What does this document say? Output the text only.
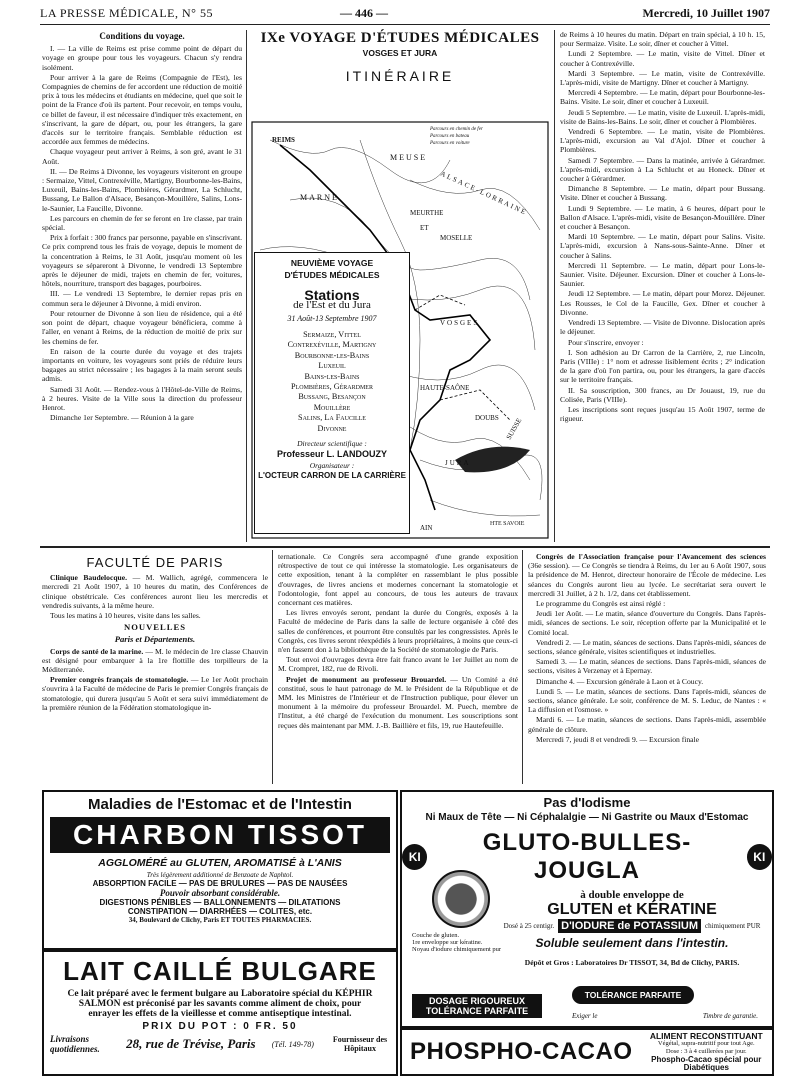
LA PRESSE MÉDICALE, N° 55	— 446 —	Mercredi, 10 Juillet 1907
Conditions du voyage.

I. — La ville de Reims est prise comme point de départ du voyage en groupe pour tous les voyageurs. Chacun s'y rendra isolément.

Pour arriver à la gare de Reims (Compagnie de l'Est), les Compagnies de chemins de fer accordent une réduction de moitié prix à tous les médecins et étudiants en médecine, quel que soit le point de la France d'où ils partent. Pour recevoir, en temps voulu, ce billet de faveur, il est nécessaire d'indiquer très exactement, en s'inscrivant, la gare de départ, ou, pour les étrangers, la gare d'accès sur le territoire français. Semblable réduction est accordée aux femmes de médecins.

Chaque voyageur peut arriver à Reims, à son gré, avant le 31 Août.

II. — De Reims à Divonne, les voyageurs visiteront en groupe : Sermaize, Vittel, Contrexéville, Martigny, Bourbonne-les-Bains, Luxeuil, Bains-les-Bains, Plombières, Gérardmer, La Schlucht, Bussang, Le Ballon d'Alsace, Besançon-Mouillère, Salins, Lons-le-Saunier, La Faucille, Divonne.

Les parcours en chemin de fer se feront en 1re classe, par train spécial.

Prix à forfait : 300 francs par personne, payable en s'inscrivant. Ce prix comprend tous les frais de voyage, depuis le moment de la concentration à Reims, le 31 Août, jusqu'au moment où les voyageurs se sépareront à Divonne, le vendredi 13 Septembre après le déjeuner de midi, trajets en chemin de fer, voitures, hôtels, nourriture, transport des bagages, pourboires.

III. — Le vendredi 13 Septembre, le dernier repas pris en commun sera le déjeuner à Divonne, à midi environ.

Pour retourner de Divonne à son lieu de résidence, qui a été son point de départ, chaque voyageur bénéficiera, comme à l'aller, en venant à Reims, de la réduction de moitié de prix sur les chemins de fer.

En raison de la courte durée du voyage et des trajets importants en voiture, les voyageurs sont priés de réduire leurs bagages au strict nécessaire ; les bagages à la main seront seuls admis.

Samedi 31 Août. — Rendez-vous à l'Hôtel-de-Ville de Reims, à 2 heures. Visite de la Ville sous la direction du professeur Henrot.

Dimanche 1er Septembre. — Réunion à la gare

IXe VOYAGE D'ÉTUDES MÉDICALES
VOSGES ET JURA
ITINÉRAIRE
REIMS
MARNE
MEUSE
MEURTHE
ET
MOSELLE
ALSACE-LORRAINE
VOSGES
HAUTE-SAÔNE
DOUBS
JURA
SUISSE
AIN	HTE SAVOIE
Parcours en chemin de fer
Parcours en bateau
Parcours en voiture
NEUVIÈME VOYAGE
D'ÉTUDES MÉDICALES
Stations
de l'Est et du Jura
31 Août-13 Septembre 1907
Sermaize, Vittel
Contrexéville, Martigny
Bourbonne-les-Bains
Luxeuil
Bains-les-Bains
Plombières, Gérardmer
Bussang, Besançon
Mouillère
Salins, La Faucille
Divonne
Directeur scientifique :
Professeur L. LANDOUZY
Organisateur :
L'OCTEUR CARRON DE LA CARRIÈRE

de Reims à 10 heures du matin. Départ en train spécial, à 10 h. 15, pour Sermaize. Visite. Le soir, dîner et coucher à Vittel.

Lundi 2 Septembre. — Le matin, visite de Vittel. Dîner et coucher à Contrexéville.

Mardi 3 Septembre. — Le matin, visite de Contrexéville. L'après-midi, visite de Martigny. Dîner et coucher à Martigny.

Mercredi 4 Septembre. — Le matin, départ pour Bourbonne-les-Bains. Visite. Le soir, dîner et coucher à Luxeuil.

Jeudi 5 Septembre. — Le matin, visite de Luxeuil. L'après-midi, visite de Bains-les-Bains. Le soir, dîner et coucher à Plombières.

Vendredi 6 Septembre. — Le matin, visite de Plombières. L'après-midi, excursion au Val d'Ajol. Dîner et coucher à Plombières.

Samedi 7 Septembre. — Dans la matinée, arrivée à Gérardmer. L'après-midi, excursion à La Schlucht et au Honeck. Dîner et coucher à Gérardmer.

Dimanche 8 Septembre. — Le matin, départ pour Bussang. Visite. Dîner et coucher à Bussang.

Lundi 9 Septembre. — Le matin, à 6 heures, départ pour le Ballon d'Alsace. L'après-midi, visite de Besançon-Mouillère. Dîner et coucher à Besançon.

Mardi 10 Septembre. — Le matin, départ pour Salins. Visite. L'après-midi, excursion à Nans-sous-Sainte-Anne. Dîner et coucher à Salins.

Mercredi 11 Septembre. — Le matin, départ pour Lons-le-Saunier. Visite. Déjeuner. Excursion. Dîner et coucher à Lons-le-Saunier.

Jeudi 12 Septembre. — Le matin, départ pour Morez. Déjeuner. Les Rousses, le Col de la Faucille, Gex. Dîner et coucher à Divonne.

Vendredi 13 Septembre. — Visite de Divonne. Dislocation après le déjeuner.

Pour s'inscrire, envoyer :

I. Son adhésion au Dr Carron de la Carrière, 2, rue Lincoln, Paris (VIIIe) : 1° nom et adresse lisiblement écrits ; 2° indication de la gare d'où l'on partira, ou, pour les étrangers, la gare d'accès sur le territoire français.

II. Sa souscription, 300 francs, au Dr Jouaust, 19, rue du Colisée, Paris (VIIIe).

Les inscriptions sont reçues jusqu'au 15 Août 1907, terme de rigueur.

FACULTÉ DE PARIS

Clinique Baudelocque. — M. Wallich, agrégé, commencera le mercredi 21 Août 1907, à 10 heures du matin, des Conférences de clinique obstétricale. Ces conférences auront lieu les mercredis et vendredis suivants, à la même heure.

Tous les matins à 10 heures, visite dans les salles.

NOUVELLES
Paris et Départements.

Corps de santé de la marine. — M. le médecin de 1re classe Chauvin est désigné pour embarquer à la 1re flottille des torpilleurs de la Méditerranée.

Premier congrès français de stomatologie. — Le 1er Août prochain s'ouvrira à la Faculté de médecine de Paris le premier Congrès français de stomatologie, qui durera jusqu'au 5 Août et sera suivi immédiatement de la première réunion de la Fédération stomatologique in-

ternationale. Ce Congrès sera accompagné d'une grande exposition rétrospective de tout ce qui intéresse la stomatologie. Les organisateurs de cette exposition, tenant à la compléter en rassemblant le plus possible d'ouvrages, de livres anciens et modernes concernant la stomatologie et l'odontologie, font appel au concours, de tous les auteurs de travaux concernant ces matières.

Les livres envoyés seront, pendant la durée du Congrès, exposés à la Faculté de médecine de Paris dans la salle de lecture organisée à côté des salles de conférences, et pourront être consultés par les congressistes. Après le Congrès, ces livres seront réexpédiés à leurs propriétaires, à moins que ceux-ci n'en fassent don à la bibliothèque de la Société de stomatologie de Paris.

Tout envoi d'ouvrages devra être fait franco avant le 1er Juillet au nom de M. Crompret, 182, rue de Rivoli.

Projet de monument au professeur Brouardel. — Un Comité a été constitué, sous le haut patronage de M. le Président de la République et de MM. les Ministres de l'Intérieur et de l'Instruction publique, pour élever un monument à la mémoire du professeur Brouardel. M. Puech, membre de l'Institut, a été chargé de l'exécution du monument. Les souscriptions sont reçues dès maintenant par MM. J.-B. Baillière et fils, 19, rue Hautefeuille.

Congrès de l'Association française pour l'Avancement des sciences (36e session). — Ce Congrès se tiendra à Reims, du 1er au 6 Août 1907, sous la présidence de M. Henrot, directeur honoraire de l'École de médecine. Les séances du Congrès auront lieu au lycée. Le secrétariat sera ouvert le mercredi 31 Juillet, à 2 h. 1/2, dans cet établissement.

Le programme du Congrès est ainsi réglé :

Jeudi 1er Août. — Le matin, séance d'ouverture du Congrès. Dans l'après-midi, séances de sections. Le soir, réception offerte par la Municipalité et le Comité local.

Vendredi 2. — Le matin, séances de sections. Dans l'après-midi, séances de sections, séance générale, visites scientifiques et industrielles.

Samedi 3. — Le matin, séances de sections. Dans l'après-midi, séances de sections, visites à Verzenay et à Epernay.

Dimanche 4. — Excursion générale à Laon et à Coucy.

Lundi 5. — Le matin, séances de sections. Dans l'après-midi, séances de sections, séance générale. Le soir, conférence de M. S. Leduc, de Nantes : « La diffusion et l'osmose. »

Mardi 6. — Le matin, séances de sections. Dans l'après-midi, assemblée générale de clôture.

Mercredi 7, jeudi 8 et vendredi 9. — Excursion finale

Maladies de l'Estomac et de l'Intestin
CHARBON TISSOT
AGGLOMÉRÉ au GLUTEN, AROMATISÉ à L'ANIS
Très légèrement additionné de Benzoate de Naphtol.
ABSORPTION FACILE — PAS DE BRULURES — PAS DE NAUSÉES
Pouvoir absorbant considérable.
DIGESTIONS PÉNIBLES — BALLONNEMENTS — DILATATIONS
CONSTIPATION — DIARRHÉES — COLITES, etc.
34, Boulevard de Clichy, Paris ET TOUTES PHARMACIES.
Pas d'Iodisme
Ni Maux de Tête — Ni Céphalalgie — Ni Gastrite ou Maux d'Estomac
KI
GLUTO-BULLES-JOUGLA	KI
Couche de gluten.
1re enveloppe sur kératine.
Noyau d'iodure chimiquement pur
à double enveloppe de
GLUTEN et KÉRATINE
Dosé à 25 centigr. D'IODURE de POTASSIUM	chimiquement PUR
Soluble seulement dans l'intestin.
Dépôt et Gros : Laboratoires Dr TISSOT, 34, Bd de Clichy, PARIS.
DOSAGE RIGOUREUX
TOLÉRANCE PARFAITE
TOLÉRANCE PARFAITE
Exiger le	Timbre de garantie.
LAIT CAILLÉ BULGARE
Ce lait préparé avec le ferment bulgare au Laboratoire spécial du KÉPHIR
SALMON est préconisé par les savants comme aliment de choix, pour
enrayer les effets de la vieillesse et comme antiseptique intestinal.
PRIX DU POT : 0 FR. 50
Livraisons quotidiennes.	28, rue de Trévise, Paris (Tél. 149-78)	Fournisseur des Hôpitaux	PHOSPHO-CACAO
ALIMENT RECONSTITUANT
Végétal, supra-nutritif pour tout Age.
Dose : 3 à 4 cuillerées par jour.
Phospho-Cacao spécial pour Diabétiques
